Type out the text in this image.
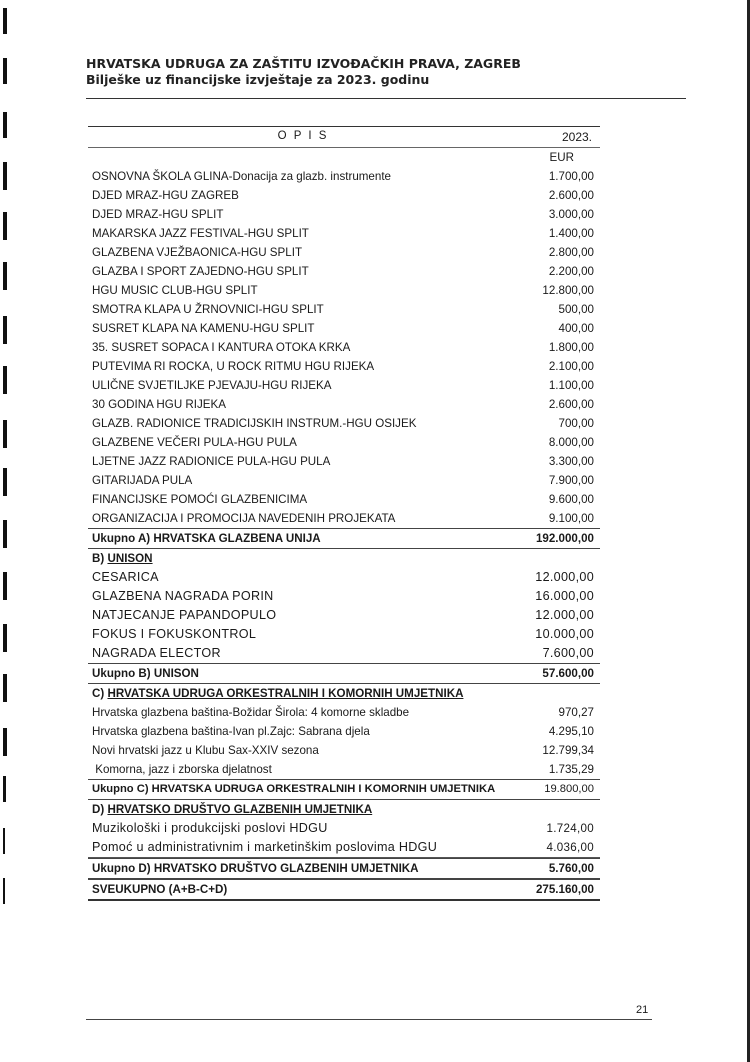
HRVATSKA UDRUGA ZA ZAŠTITU IZVOĐAČKIH PRAVA, ZAGREB

Bilješke uz financijske izvještaje za 2023. godinu

O P I S	2023.
EUR
OSNOVNA ŠKOLA GLINA-Donacija za glazb. instrumente	1.700,00
DJED MRAZ-HGU ZAGREB	2.600,00
DJED MRAZ-HGU SPLIT	3.000,00
MAKARSKA JAZZ FESTIVAL-HGU SPLIT	1.400,00
GLAZBENA VJEŽBAONICA-HGU SPLIT	2.800,00
GLAZBA I SPORT ZAJEDNO-HGU SPLIT	2.200,00
HGU MUSIC CLUB-HGU SPLIT	12.800,00
SMOTRA KLAPA U ŽRNOVNICI-HGU SPLIT	500,00
SUSRET KLAPA NA KAMENU-HGU SPLIT	400,00
35. SUSRET SOPACA I KANTURA OTOKA KRKA	1.800,00
PUTEVIMA RI ROCKA, U ROCK RITMU HGU RIJEKA	2.100,00
ULIČNE SVJETILJKE PJEVAJU-HGU RIJEKA	1.100,00
30 GODINA HGU RIJEKA	2.600,00
GLAZB. RADIONICE TRADICIJSKIH INSTRUM.-HGU OSIJEK	700,00
GLAZBENE VEČERI PULA-HGU PULA	8.000,00
LJETNE JAZZ RADIONICE PULA-HGU PULA	3.300,00
GITARIJADA PULA	7.900,00
FINANCIJSKE POMOĆI GLAZBENICIMA	9.600,00
ORGANIZACIJA I PROMOCIJA NAVEDENIH PROJEKATA	9.100,00
Ukupno A) HRVATSKA GLAZBENA UNIJA	192.000,00
B) UNISON
CESARICA	12.000,00
GLAZBENA NAGRADA PORIN	16.000,00
NATJECANJE PAPANDOPULO	12.000,00
FOKUS I FOKUSKONTROL	10.000,00
NAGRADA ELECTOR	7.600,00
Ukupno B) UNISON	57.600,00
C) HRVATSKA UDRUGA ORKESTRALNIH I KOMORNIH UMJETNIKA
Hrvatska glazbena baština-Božidar Širola: 4 komorne skladbe	970,27
Hrvatska glazbena baština-Ivan pl.Zajc: Sabrana djela	4.295,10
Novi hrvatski jazz u Klubu Sax-XXIV sezona	12.799,34
Komorna, jazz i zborska djelatnost	1.735,29
Ukupno C) HRVATSKA UDRUGA ORKESTRALNIH I KOMORNIH UMJETNIKA	19.800,00
D) HRVATSKO DRUŠTVO GLAZBENIH UMJETNIKA
Muzikološki i produkcijski poslovi HDGU	1.724,00
Pomoć u administrativnim i marketinškim poslovima HDGU	4.036,00
Ukupno D) HRVATSKO DRUŠTVO GLAZBENIH UMJETNIKA	5.760,00
SVEUKUPNO (A+B-C+D)	275.160,00
21
